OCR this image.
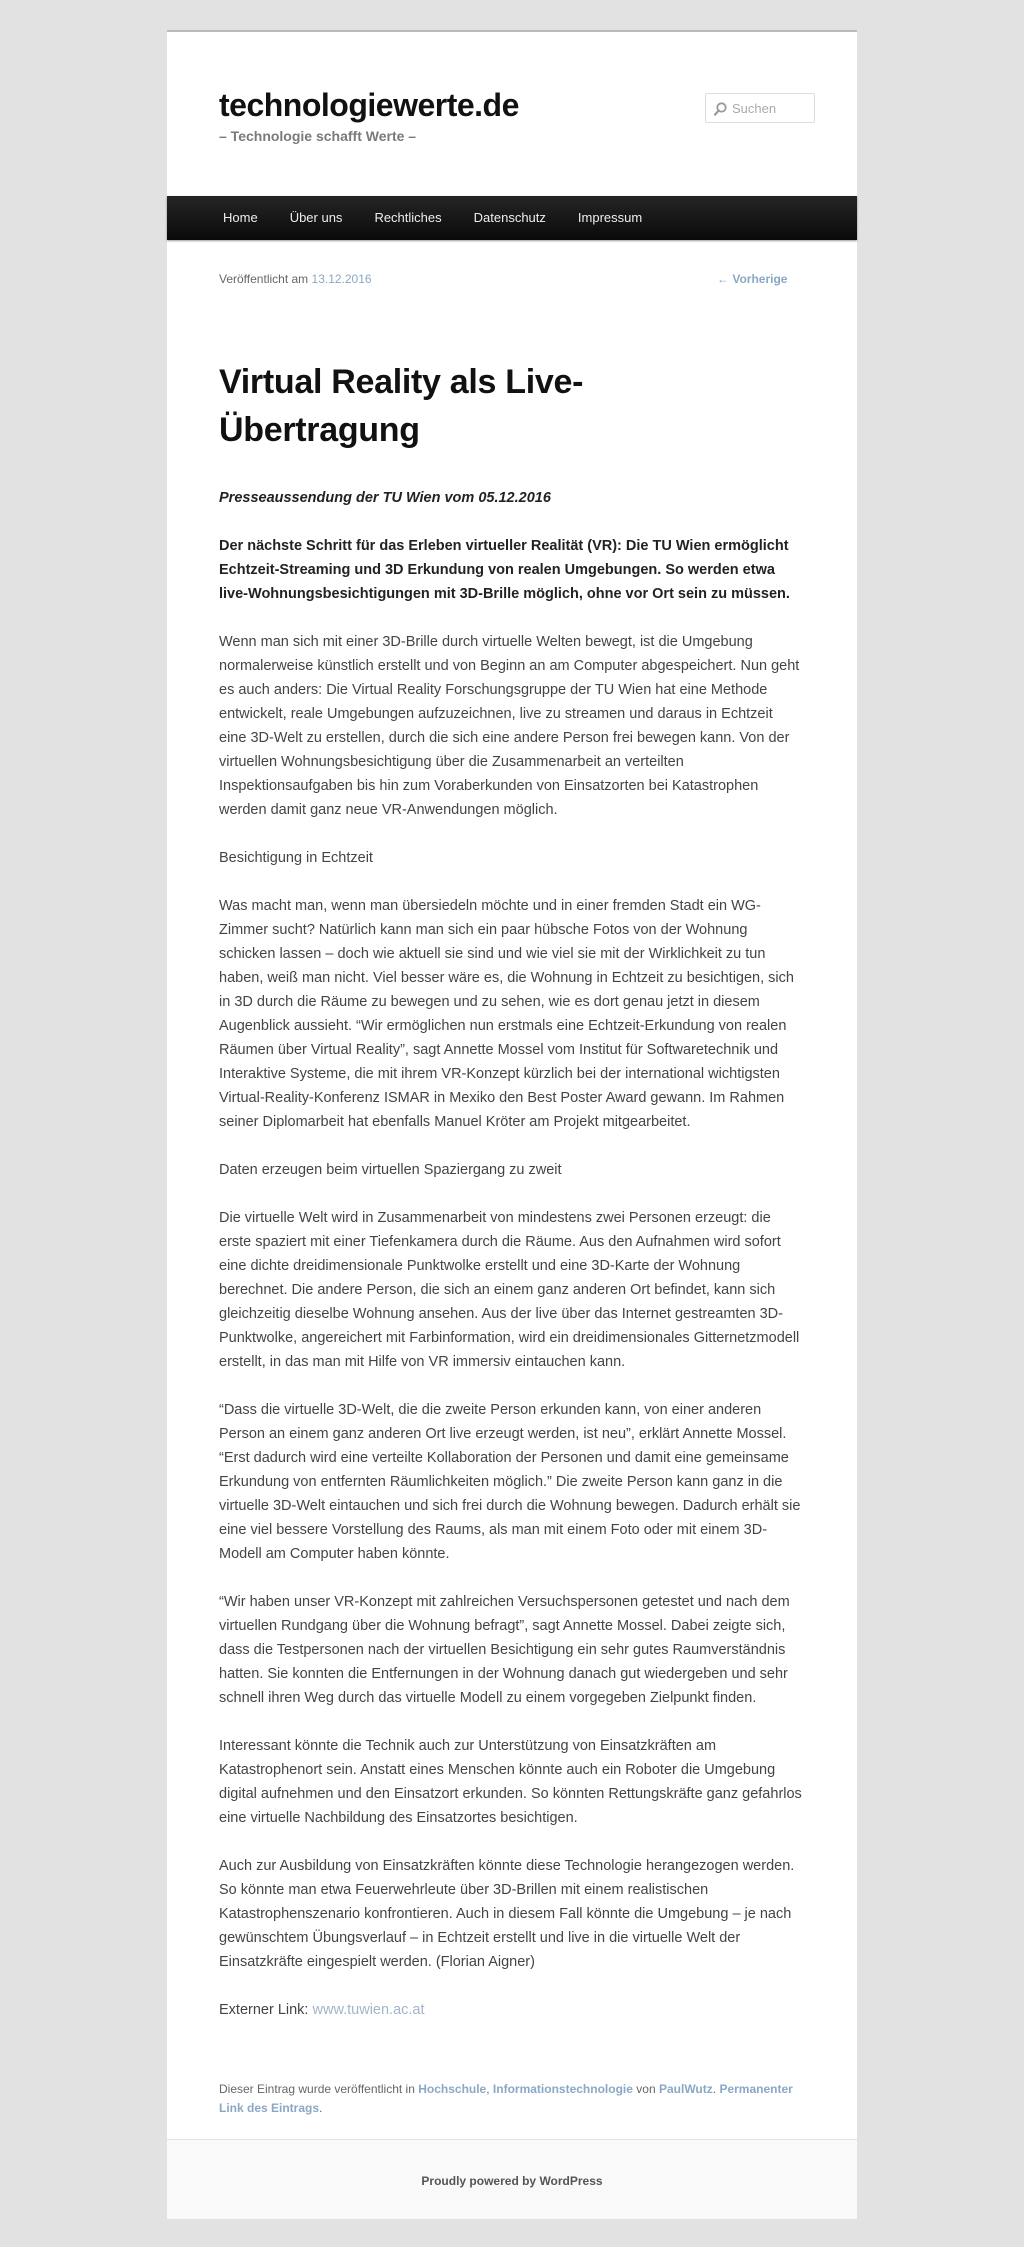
technologiewerte.de
– Technologie schafft Werte –
Suchen
Home	Über uns	Rechtliches	Datenschutz	Impressum
Veröffentlicht am 13.12.2016	← Vorherige
Virtual Reality als Live-Übertragung

Presseaussendung der TU Wien vom 05.12.2016

Der nächste Schritt für das Erleben virtueller Realität (VR): Die TU Wien ermöglicht Echtzeit-Streaming und 3D Erkundung von realen Umgebungen. So werden etwa live-Wohnungsbesichtigungen mit 3D-Brille möglich, ohne vor Ort sein zu müssen.

Wenn man sich mit einer 3D-Brille durch virtuelle Welten bewegt, ist die Umgebung normalerweise künstlich erstellt und von Beginn an am Computer abgespeichert. Nun geht es auch anders: Die Virtual Reality Forschungsgruppe der TU Wien hat eine Methode entwickelt, reale Umgebungen aufzuzeichnen, live zu streamen und daraus in Echtzeit eine 3D-Welt zu erstellen, durch die sich eine andere Person frei bewegen kann. Von der virtuellen Wohnungsbesichtigung über die Zusammenarbeit an verteilten Inspektionsaufgaben bis hin zum Voraberkunden von Einsatzorten bei Katastrophen werden damit ganz neue VR-Anwendungen möglich.

Besichtigung in Echtzeit

Was macht man, wenn man übersiedeln möchte und in einer fremden Stadt ein WG-Zimmer sucht? Natürlich kann man sich ein paar hübsche Fotos von der Wohnung schicken lassen – doch wie aktuell sie sind und wie viel sie mit der Wirklichkeit zu tun haben, weiß man nicht. Viel besser wäre es, die Wohnung in Echtzeit zu besichtigen, sich in 3D durch die Räume zu bewegen und zu sehen, wie es dort genau jetzt in diesem Augenblick aussieht. “Wir ermöglichen nun erstmals eine Echtzeit-Erkundung von realen Räumen über Virtual Reality”, sagt Annette Mossel vom Institut für Softwaretechnik und Interaktive Systeme, die mit ihrem VR-Konzept kürzlich bei der international wichtigsten Virtual-Reality-Konferenz ISMAR in Mexiko den Best Poster Award gewann. Im Rahmen seiner Diplomarbeit hat ebenfalls Manuel Kröter am Projekt mitgearbeitet.

Daten erzeugen beim virtuellen Spaziergang zu zweit

Die virtuelle Welt wird in Zusammenarbeit von mindestens zwei Personen erzeugt: die erste spaziert mit einer Tiefenkamera durch die Räume. Aus den Aufnahmen wird sofort eine dichte dreidimensionale Punktwolke erstellt und eine 3D-Karte der Wohnung berechnet. Die andere Person, die sich an einem ganz anderen Ort befindet, kann sich gleichzeitig dieselbe Wohnung ansehen. Aus der live über das Internet gestreamten 3D-Punktwolke, angereichert mit Farbinformation, wird ein dreidimensionales Gitternetzmodell erstellt, in das man mit Hilfe von VR immersiv eintauchen kann.

“Dass die virtuelle 3D-Welt, die die zweite Person erkunden kann, von einer anderen Person an einem ganz anderen Ort live erzeugt werden, ist neu”, erklärt Annette Mossel. “Erst dadurch wird eine verteilte Kollaboration der Personen und damit eine gemeinsame Erkundung von entfernten Räumlichkeiten möglich.” Die zweite Person kann ganz in die virtuelle 3D-Welt eintauchen und sich frei durch die Wohnung bewegen. Dadurch erhält sie eine viel bessere Vorstellung des Raums, als man mit einem Foto oder mit einem 3D-Modell am Computer haben könnte.

“Wir haben unser VR-Konzept mit zahlreichen Versuchspersonen getestet und nach dem virtuellen Rundgang über die Wohnung befragt”, sagt Annette Mossel. Dabei zeigte sich, dass die Testpersonen nach der virtuellen Besichtigung ein sehr gutes Raumverständnis hatten. Sie konnten die Entfernungen in der Wohnung danach gut wiedergeben und sehr schnell ihren Weg durch das virtuelle Modell zu einem vorgegeben Zielpunkt finden.

Interessant könnte die Technik auch zur Unterstützung von Einsatzkräften am Katastrophenort sein. Anstatt eines Menschen könnte auch ein Roboter die Umgebung digital aufnehmen und den Einsatzort erkunden. So könnten Rettungskräfte ganz gefahrlos eine virtuelle Nachbildung des Einsatzortes besichtigen.

Auch zur Ausbildung von Einsatzkräften könnte diese Technologie herangezogen werden. So könnte man etwa Feuerwehrleute über 3D-Brillen mit einem realistischen Katastrophenszenario konfrontieren. Auch in diesem Fall könnte die Umgebung – je nach gewünschtem Übungsverlauf – in Echtzeit erstellt und live in die virtuelle Welt der Einsatzkräfte eingespielt werden. (Florian Aigner)

Externer Link: www.tuwien.ac.at

Dieser Eintrag wurde veröffentlicht in Hochschule, Informationstechnologie von PaulWutz. Permanenter Link des Eintrags.
Proudly powered by WordPress
